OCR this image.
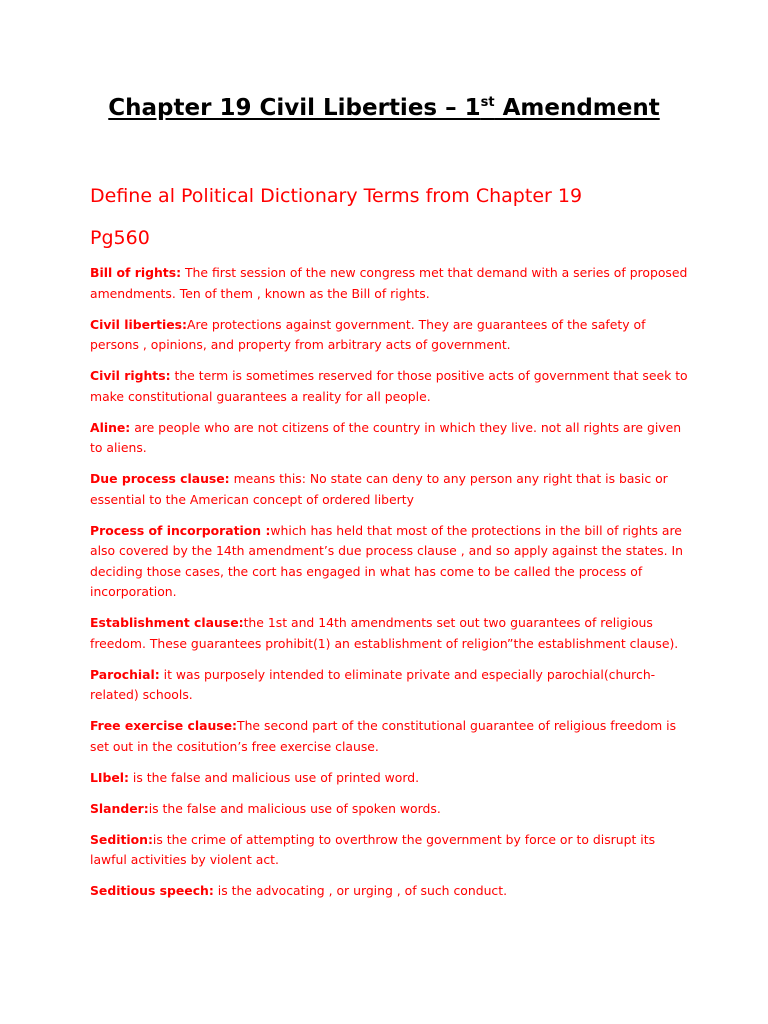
Chapter 19 Civil Liberties – 1st Amendment
Define al Political Dictionary Terms from Chapter 19
Pg560

Bill of rights: The first session of the new congress met that demand with a series of proposed amendments. Ten of them , known as the Bill of rights.

Civil liberties:Are protections against government. They are guarantees of the safety of persons , opinions, and property from arbitrary acts of government.

Civil rights: the term is sometimes reserved for those positive acts of government that seek to make constitutional guarantees a reality for all people.

Aline: are people who are not citizens of the country in which they live. not all rights are given to aliens.

Due process clause: means this: No state can deny to any person any right that is basic or essential to the American concept of ordered liberty

Process of incorporation :which has held that most of the protections in the bill of rights are also covered by the 14th amendment’s due process clause , and so apply against the states. In deciding those cases, the cort has engaged in what has come to be called the process of incorporation.

Establishment clause:the 1st and 14th amendments set out two guarantees of religious freedom. These guarantees prohibit(1) an establishment of religion”the establishment clause).

Parochial: it was purposely intended to eliminate private and especially parochial(church-related) schools.

Free exercise clause:The second part of the constitutional guarantee of religious freedom is set out in the cositution’s free exercise clause.

LIbel: is the false and malicious use of printed word.

Slander:is the false and malicious use of spoken words.

Sedition:is the crime of attempting to overthrow the government by force or to disrupt its lawful activities by violent act.

Seditious speech: is the advocating , or urging , of such conduct.
